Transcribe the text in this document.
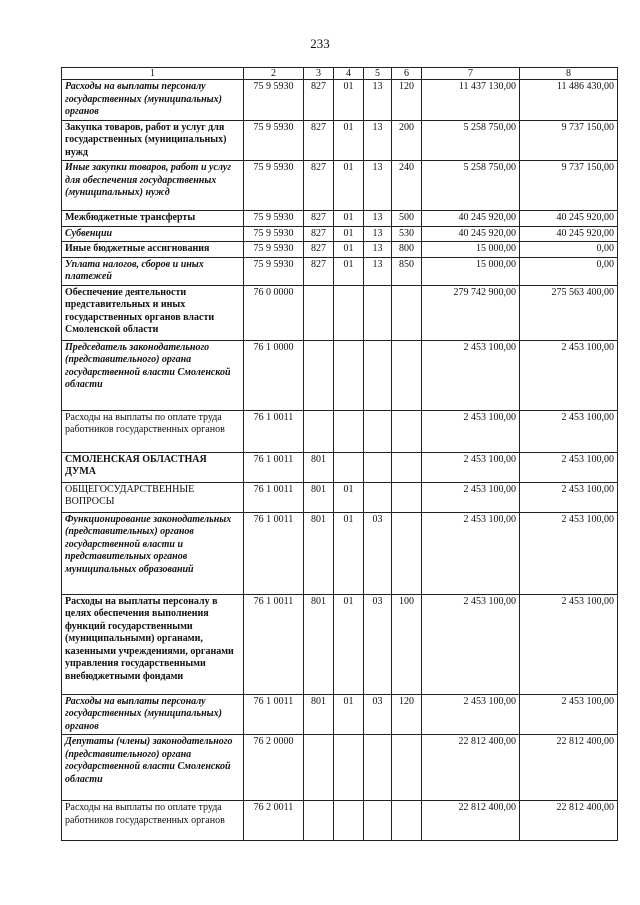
233
1	2	3	4	5	6	7	8
Расходы на выплаты персоналу государственных (муниципальных) органов	75 9 5930	827	01	13	120	11 437 130,00	11 486 430,00
Закупка товаров, работ и услуг для государственных (муниципальных) нужд	75 9 5930	827	01	13	200	5 258 750,00	9 737 150,00
Иные закупки товаров, работ и услуг для обеспечения государственных (муниципальных) нужд	75 9 5930	827	01	13	240	5 258 750,00	9 737 150,00
Межбюджетные трансферты	75 9 5930	827	01	13	500	40 245 920,00	40 245 920,00
Субвенции	75 9 5930	827	01	13	530	40 245 920,00	40 245 920,00
Иные бюджетные ассигнования	75 9 5930	827	01	13	800	15 000,00	0,00
Уплата налогов, сборов и иных платежей	75 9 5930	827	01	13	850	15 000,00	0,00
Обеспечение деятельности представительных и иных государственных органов власти Смоленской области	76 0 0000					279 742 900,00	275 563 400,00
Председатель законодательного (представительного) органа государственной власти Смоленской области	76 1 0000					2 453 100,00	2 453 100,00
Расходы на выплаты по оплате труда работников государственных органов	76 1 0011					2 453 100,00	2 453 100,00
СМОЛЕНСКАЯ ОБЛАСТНАЯ ДУМА	76 1 0011	801				2 453 100,00	2 453 100,00
ОБЩЕГОСУДАРСТВЕННЫЕ ВОПРОСЫ	76 1 0011	801	01			2 453 100,00	2 453 100,00
Функционирование законодательных (представительных) органов государственной власти и представительных органов муниципальных образований	76 1 0011	801	01	03		2 453 100,00	2 453 100,00
Расходы на выплаты персоналу в целях обеспечения выполнения функций государственными (муниципальными) органами, казенными учреждениями, органами управления государственными внебюджетными фондами	76 1 0011	801	01	03	100	2 453 100,00	2 453 100,00
Расходы на выплаты персоналу государственных (муниципальных) органов	76 1 0011	801	01	03	120	2 453 100,00	2 453 100,00
Депутаты (члены) законодательного (представительного) органа государственной власти Смоленской области	76 2 0000					22 812 400,00	22 812 400,00
Расходы на выплаты по оплате труда работников государственных органов	76 2 0011					22 812 400,00	22 812 400,00
